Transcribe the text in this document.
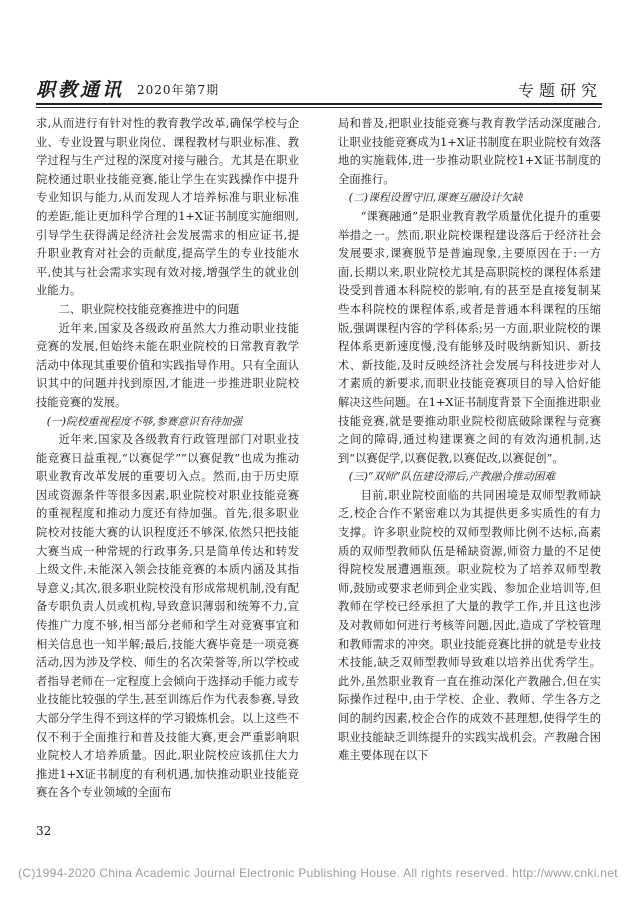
职教通讯 2020年第7期	专题研究

求,从而进行有针对性的教育教学改革,确保学校与企业、专业设置与职业岗位、课程教材与职业标准、教学过程与生产过程的深度对接与融合。尤其是在职业院校通过职业技能竞赛,能让学生在实践操作中提升专业知识与能力,从而发现人才培养标准与职业标准的差距,能让更加科学合理的1+X证书制度实施细则,引导学生获得满足经济社会发展需求的相应证书,提升职业教育对社会的贡献度,提高学生的专业技能水平,使其与社会需求实现有效对接,增强学生的就业创业能力。

二、职业院校技能竞赛推进中的问题

近年来,国家及各级政府虽然大力推动职业技能竞赛的发展,但始终未能在职业院校的日常教育教学活动中体现其重要价值和实践指导作用。只有全面认识其中的问题并找到原因,才能进一步推进职业院校技能竞赛的发展。

(一)院校重视程度不够,参赛意识有待加强

近年来,国家及各级教育行政管理部门对职业技能竞赛日益重视,“以赛促学”“以赛促教”也成为推动职业教育改革发展的重要切入点。然而,由于历史原因或资源条件等很多因素,职业院校对职业技能竞赛的重视程度和推动力度还有待加强。首先,很多职业院校对技能大赛的认识程度还不够深,依然只把技能大赛当成一种常规的行政事务,只是简单传达和转发上级文件,未能深入领会技能竞赛的本质内涵及其指导意义;其次,很多职业院校没有形成常规机制,没有配备专职负责人员或机构,导致意识薄弱和统筹不力,宣传推广力度不够,相当部分老师和学生对竞赛事宜和相关信息也一知半解;最后,技能大赛毕竟是一项竞赛活动,因为涉及学校、师生的名次荣誉等,所以学校或者指导老师在一定程度上会倾向于选择动手能力或专业技能比较强的学生,甚至训练后作为代表参赛,导致大部分学生得不到这样的学习锻炼机会。以上这些不仅不利于全面推行和普及技能大赛,更会严重影响职业院校人才培养质量。因此,职业院校应该抓住大力推进1+X证书制度的有利机遇,加快推动职业技能竞赛在各个专业领域的全面布

局和普及,把职业技能竞赛与教育教学活动深度融合,让职业技能竞赛成为1+X证书制度在职业院校有效落地的实施载体,进一步推动职业院校1+X证书制度的全面推行。

(二)课程设置守旧,课赛互融设计欠缺

“课赛融通”是职业教育教学质量优化提升的重要举措之一。然而,职业院校课程建设落后于经济社会发展要求,课赛脱节是普遍现象,主要原因在于:一方面,长期以来,职业院校尤其是高职院校的课程体系建设受到普通本科院校的影响,有的甚至是直接复制某些本科院校的课程体系,或者是普通本科课程的压缩版,强调课程内容的学科体系;另一方面,职业院校的课程体系更新速度慢,没有能够及时吸纳新知识、新技术、新技能,及时反映经济社会发展与科技进步对人才素质的新要求,而职业技能竞赛项目的导入恰好能解决这些问题。在1+X证书制度背景下全面推进职业技能竞赛,就是要推动职业院校彻底破除课程与竞赛之间的障碍,通过构建课赛之间的有效沟通机制,达到“以赛促学,以赛促教,以赛促改,以赛促创”。

(三)“双师”队伍建设滞后,产教融合推动困难

目前,职业院校面临的共同困境是双师型教师缺乏,校企合作不紧密难以为其提供更多实质性的有力支撑。许多职业院校的双师型教师比例不达标,高素质的双师型教师队伍是稀缺资源,师资力量的不足使得院校发展遭遇瓶颈。职业院校为了培养双师型教师,鼓励或要求老师到企业实践、参加企业培训等,但教师在学校已经承担了大量的教学工作,并且这也涉及对教师如何进行考核等问题,因此,造成了学校管理和教师需求的冲突。职业技能竞赛比拼的就是专业技术技能,缺乏双师型教师导致难以培养出优秀学生。此外,虽然职业教育一直在推动深化产教融合,但在实际操作过程中,由于学校、企业、教师、学生各方之间的制约因素,校企合作的成效不甚理想,使得学生的职业技能缺乏训练提升的实践实战机会。产教融合困难主要体现在以下

32
(C)1994-2020 China Academic Journal Electronic Publishing House. All rights reserved. http://www.cnki.net
